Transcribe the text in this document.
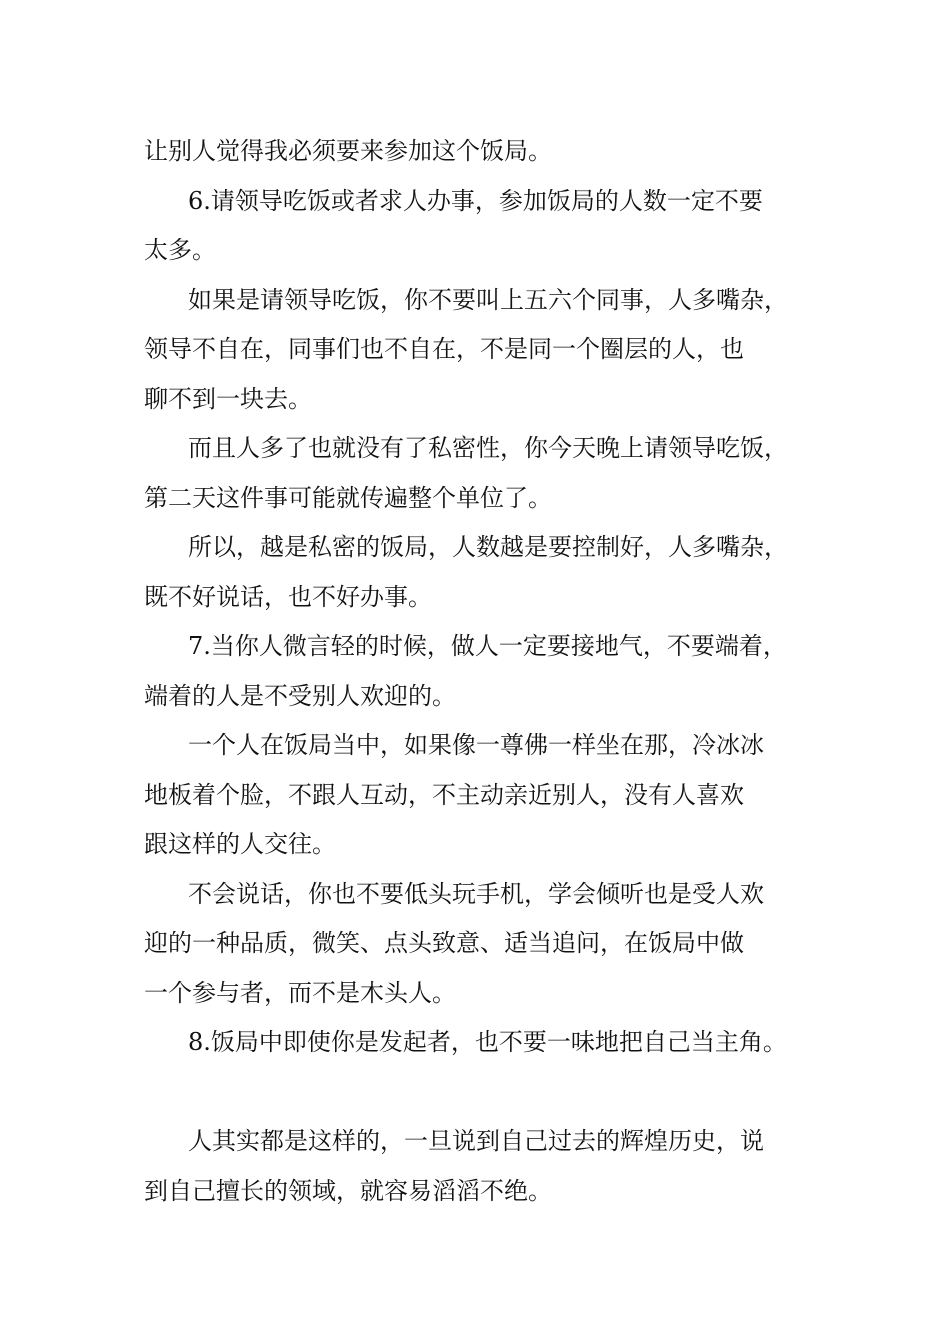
让别人觉得我必须要来参加这个饭局。
6.请领导吃饭或者求人办事，参加饭局的人数一定不要
太多。
如果是请领导吃饭，你不要叫上五六个同事，人多嘴杂，
领导不自在，同事们也不自在，不是同一个圈层的人，也
聊不到一块去。
而且人多了也就没有了私密性，你今天晚上请领导吃饭，
第二天这件事可能就传遍整个单位了。
所以，越是私密的饭局，人数越是要控制好，人多嘴杂，
既不好说话，也不好办事。
7.当你人微言轻的时候，做人一定要接地气，不要端着，
端着的人是不受别人欢迎的。
一个人在饭局当中，如果像一尊佛一样坐在那，冷冰冰
地板着个脸，不跟人互动，不主动亲近别人，没有人喜欢
跟这样的人交往。
不会说话，你也不要低头玩手机，学会倾听也是受人欢
迎的一种品质，微笑、点头致意、适当追问，在饭局中做
一个参与者，而不是木头人。
8.饭局中即使你是发起者，也不要一味地把自己当主角。
人其实都是这样的，一旦说到自己过去的辉煌历史，说
到自己擅长的领域，就容易滔滔不绝。
